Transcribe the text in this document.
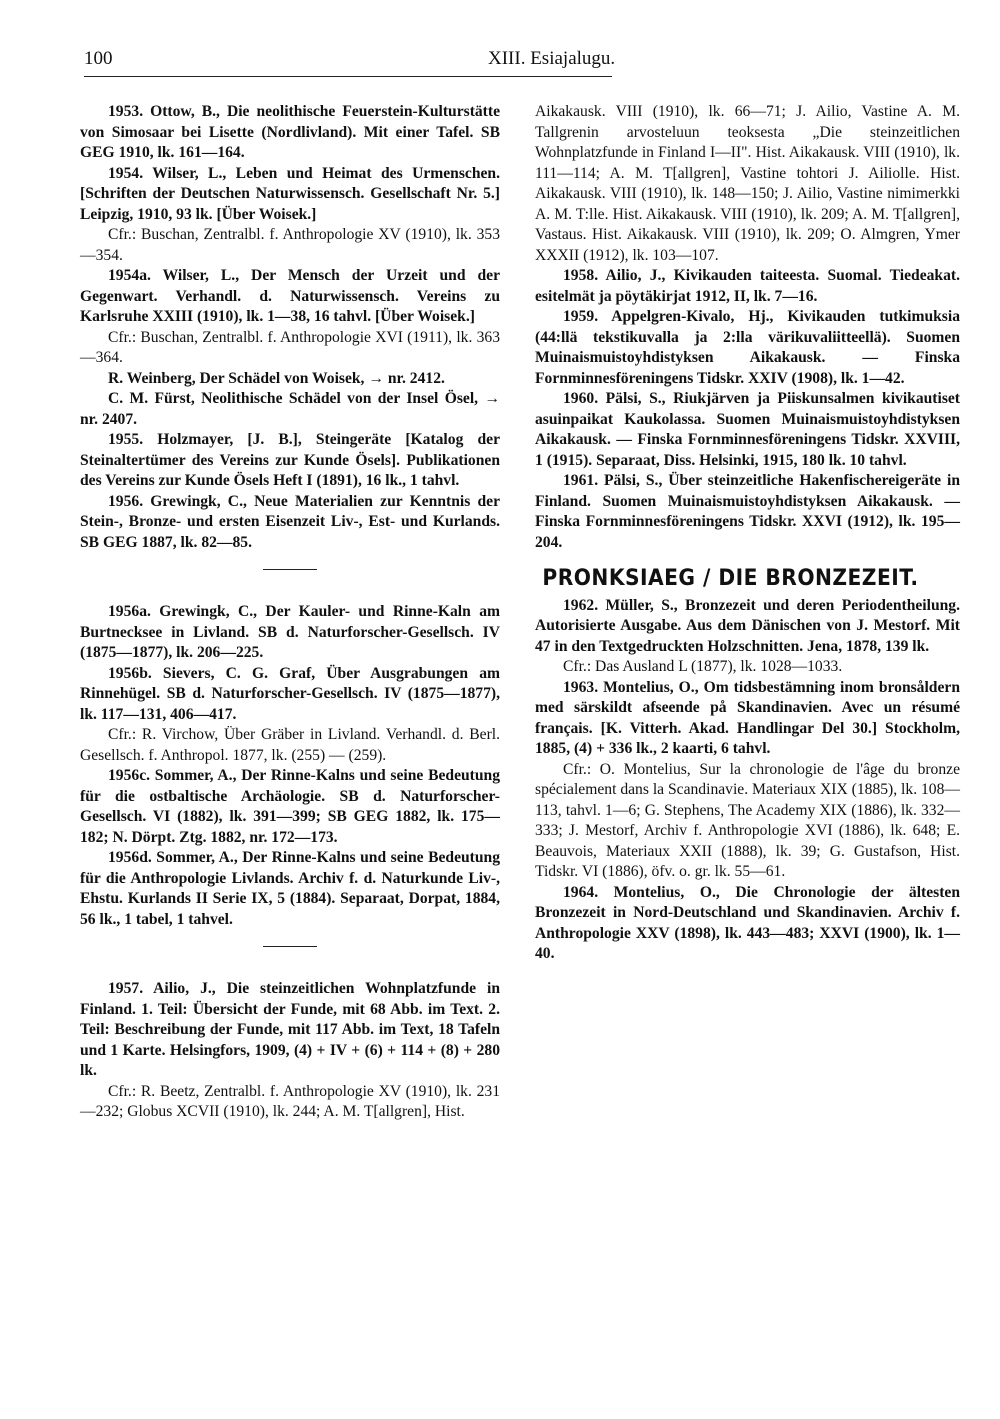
100	XIII. Esiajalugu.

1953. Ottow, B., Die neolithische Feuerstein-Kulturstätte von Simosaar bei Lisette (Nordlivland). Mit einer Tafel. SB GEG 1910, lk. 161—164.

1954. Wilser, L., Leben und Heimat des Urmenschen. [Schriften der Deutschen Naturwissensch. Gesellschaft Nr. 5.] Leipzig, 1910, 93 lk. [Über Woisek.]

Cfr.: Buschan, Zentralbl. f. Anthropologie XV (1910), lk. 353—354.

1954a. Wilser, L., Der Mensch der Urzeit und der Gegenwart. Verhandl. d. Naturwissensch. Vereins zu Karlsruhe XXIII (1910), lk. 1—38, 16 tahvl. [Über Woisek.]

Cfr.: Buschan, Zentralbl. f. Anthropologie XVI (1911), lk. 363—364.

R. Weinberg, Der Schädel von Woisek, → nr. 2412.

C. M. Fürst, Neolithische Schädel von der Insel Ösel, → nr. 2407.

1955. Holzmayer, [J. B.], Steingeräte [Katalog der Steinaltertümer des Vereins zur Kunde Ösels]. Publikationen des Vereins zur Kunde Ösels Heft I (1891), 16 lk., 1 tahvl.

1956. Grewingk, C., Neue Materialien zur Kenntnis der Stein-, Bronze- und ersten Eisenzeit Liv-, Est- und Kurlands. SB GEG 1887, lk. 82—85.

1956a. Grewingk, C., Der Kauler- und Rinne-Kaln am Burtnecksee in Livland. SB d. Naturforscher-Gesellsch. IV (1875—1877), lk. 206—225.

1956b. Sievers, C. G. Graf, Über Ausgrabungen am Rinnehügel. SB d. Naturforscher-Gesellsch. IV (1875—1877), lk. 117—131, 406—417.

Cfr.: R. Virchow, Über Gräber in Livland. Verhandl. d. Berl. Gesellsch. f. Anthropol. 1877, lk. (255) — (259).

1956c. Sommer, A., Der Rinne-Kalns und seine Bedeutung für die ostbaltische Archäologie. SB d. Naturforscher-Gesellsch. VI (1882), lk. 391—399; SB GEG 1882, lk. 175—182; N. Dörpt. Ztg. 1882, nr. 172—173.

1956d. Sommer, A., Der Rinne-Kalns und seine Bedeutung für die Anthropologie Livlands. Archiv f. d. Naturkunde Liv-, Ehstu. Kurlands II Serie IX, 5 (1884). Separaat, Dorpat, 1884, 56 lk., 1 tabel, 1 tahvel.

1957. Ailio, J., Die steinzeitlichen Wohnplatzfunde in Finland. 1. Teil: Übersicht der Funde, mit 68 Abb. im Text. 2. Teil: Beschreibung der Funde, mit 117 Abb. im Text, 18 Tafeln und 1 Karte. Helsingfors, 1909, (4) + IV + (6) + 114 + (8) + 280 lk.

Cfr.: R. Beetz, Zentralbl. f. Anthropologie XV (1910), lk. 231—232; Globus XCVII (1910), lk. 244; A. M. T[allgren], Hist.

Aikakausk. VIII (1910), lk. 66—71; J. Ailio, Vastine A. M. Tallgrenin arvosteluun teoksesta „Die steinzeitlichen Wohnplatzfunde in Finland I—II". Hist. Aikakausk. VIII (1910), lk. 111—114; A. M. T[allgren], Vastine tohtori J. Ailiolle. Hist. Aikakausk. VIII (1910), lk. 148—150; J. Ailio, Vastine nimimerkki A. M. T:lle. Hist. Aikakausk. VIII (1910), lk. 209; A. M. T[allgren], Vastaus. Hist. Aikakausk. VIII (1910), lk. 209; O. Almgren, Ymer XXXII (1912), lk. 103—107.

1958. Ailio, J., Kivikauden taiteesta. Suomal. Tiedeakat. esitelmät ja pöytäkirjat 1912, II, lk. 7—16.

1959. Appelgren-Kivalo, Hj., Kivikauden tutkimuksia (44:llä tekstikuvalla ja 2:lla värikuvaliitteellä). Suomen Muinaismuistoyhdistyksen Aikakausk. — Finska Fornminnesföreningens Tidskr. XXIV (1908), lk. 1—42.

1960. Pälsi, S., Riukjärven ja Piiskunsalmen kivikautiset asuinpaikat Kaukolassa. Suomen Muinaismuistoyhdistyksen Aikakausk. — Finska Fornminnesföreningens Tidskr. XXVIII, 1 (1915). Separaat, Diss. Helsinki, 1915, 180 lk. 10 tahvl.

1961. Pälsi, S., Über steinzeitliche Hakenfischereigeräte in Finland. Suomen Muinaismuistoyhdistyksen Aikakausk. — Finska Fornminnesföreningens Tidskr. XXVI (1912), lk. 195—204.

PRONKSIAEG / DIE BRONZEZEIT.

1962. Müller, S., Bronzezeit und deren Periodentheilung. Autorisierte Ausgabe. Aus dem Dänischen von J. Mestorf. Mit 47 in den Textgedruckten Holzschnitten. Jena, 1878, 139 lk.

Cfr.: Das Ausland L (1877), lk. 1028—1033.

1963. Montelius, O., Om tidsbestämning inom bronsåldern med särskildt afseende på Skandinavien. Avec un résumé français. [K. Vitterh. Akad. Handlingar Del 30.] Stockholm, 1885, (4) + 336 lk., 2 kaarti, 6 tahvl.

Cfr.: O. Montelius, Sur la chronologie de l'âge du bronze spécialement dans la Scandinavie. Materiaux XIX (1885), lk. 108—113, tahvl. 1—6; G. Stephens, The Academy XIX (1886), lk. 332—333; J. Mestorf, Archiv f. Anthropologie XVI (1886), lk. 648; E. Beauvois, Materiaux XXII (1888), lk. 39; G. Gustafson, Hist. Tidskr. VI (1886), öfv. o. gr. lk. 55—61.

1964. Montelius, O., Die Chronologie der ältesten Bronzezeit in Nord-Deutschland und Skandinavien. Archiv f. Anthropologie XXV (1898), lk. 443—483; XXVI (1900), lk. 1—40.
